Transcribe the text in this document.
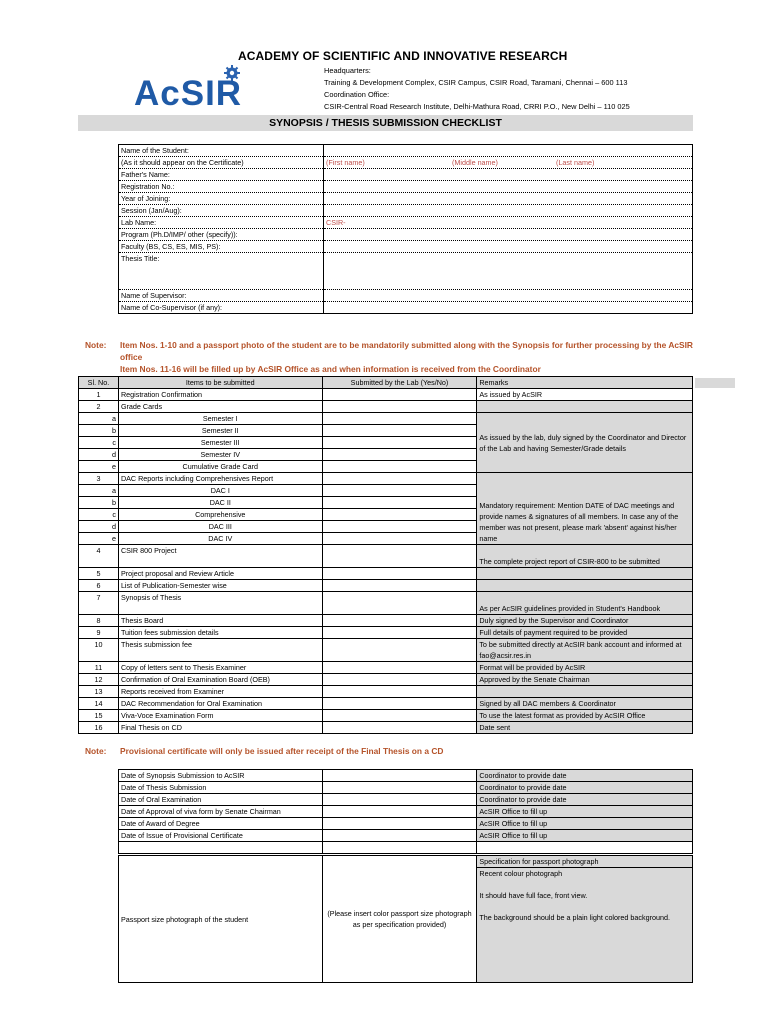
ACADEMY OF SCIENTIFIC AND INNOVATIVE RESEARCH
AcSIR
Headquarters:
Training & Development Complex, CSIR Campus, CSIR Road, Taramani, Chennai – 600 113
Coordination Office:
CSIR-Central Road Research Institute, Delhi-Mathura Road, CRRI P.O., New Delhi – 110 025
SYNOPSIS / THESIS SUBMISSION CHECKLIST
Name of the Student:	
(As it should appear on the Certificate)	(First name) (Middle name) (Last name)
Father's Name:	
Registration No.:	
Year of Joining:	
Session (Jan/Aug):	
Lab Name:	CSIR-
Program (Ph.D/IMP/ other (specify)):	
Faculty (BS, CS, ES, MIS, PS):	
Thesis Title:	
Name of Supervisor:	
Name of Co-Supervisor (if any):	
Note: Item Nos. 1-10 and a passport photo of the student are to be mandatorily submitted along with the Synopsis for further processing by the AcSIR office
Item Nos. 11-16 will be filled up by AcSIR Office as and when information is received from the Coordinator
Sl. No.	Items to be submitted	Submitted by the Lab (Yes/No)	Remarks
1	Registration Confirmation		As issued by AcSIR
2	Grade Cards		
a	Semester I		As issued by the lab, duly signed by the Coordinator and Director of the Lab and having Semester/Grade details
b	Semester II		
c	Semester III		
d	Semester IV		
e	Cumulative Grade Card		
3	DAC Reports including Comprehensives Report		Mandatory requirement: Mention DATE of DAC meetings and provide names & signatures of all members. In case any of the member was not present, please mark 'absent' against his/her name
a	DAC I		
b	DAC II		
c	Comprehensive		
d	DAC III		
e	DAC IV		
4	CSIR 800 Project		The complete project report of CSIR-800 to be submitted
5	Project proposal and Review Article		
6	List of Publication-Semester wise		
7	Synopsis of Thesis		As per AcSIR guidelines provided in Student's Handbook
8	Thesis Board		Duly signed by the Supervisor and Coordinator
9	Tuition fees submission details		Full details of payment required to be provided
10	Thesis submission fee		To be submitted directly at AcSIR bank account and informed at fao@acsir.res.in
11	Copy of letters sent to Thesis Examiner		Format will be provided by AcSIR
12	Confirmation of Oral Examination Board (OEB)		Approved by the Senate Chairman
13	Reports received from Examiner		
14	DAC Recommendation for Oral Examination		Signed by all DAC members & Coordinator
15	Viva-Voce Examination Form		To use the latest format as provided by AcSIR Office
16	Final Thesis on CD		Date sent
Note: Provisional certificate will only be issued after receipt of the Final Thesis on a CD
Date of Synopsis Submission to AcSIR		Coordinator to provide date
Date of Thesis Submission		Coordinator to provide date
Date of Oral Examination		Coordinator to provide date
Date of Approval of viva form by Senate Chairman		AcSIR Office to fill up
Date of Award of Degree		AcSIR Office to fill up
Date of Issue of Provisional Certificate		AcSIR Office to fill up

Passport size photograph of the student	(Please insert color passport size photograph as per specification provided)	Specification for passport photograph

Recent colour photograph
It should have full face, front view.
The background should be a plain light colored background.
